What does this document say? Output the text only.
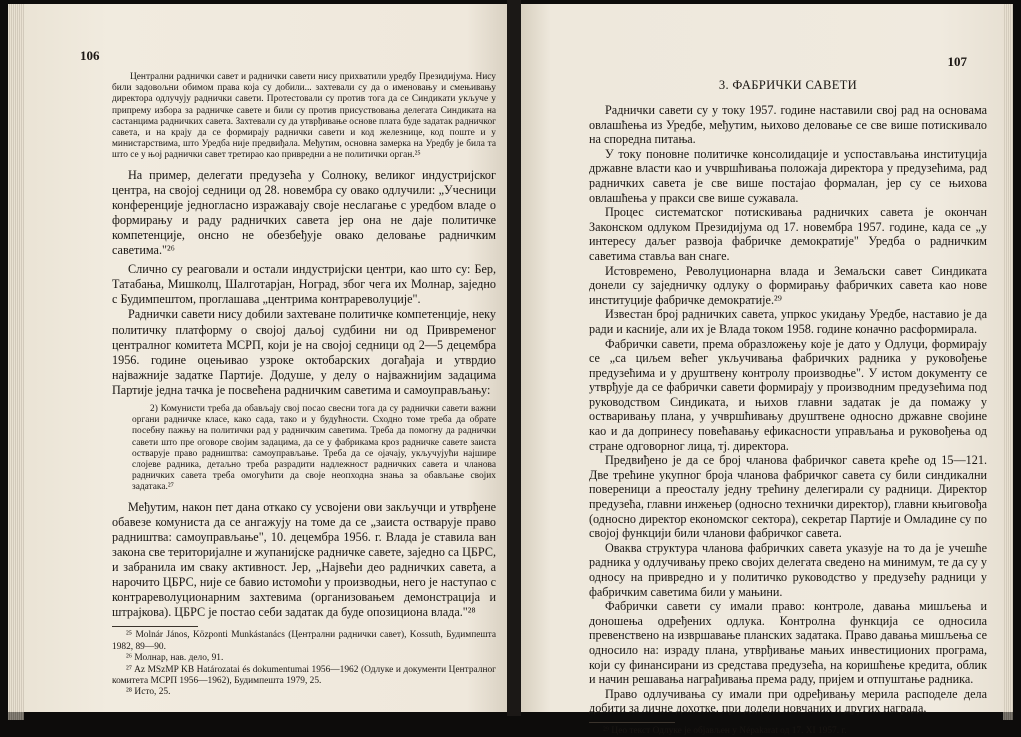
106

Централни раднички савет и раднички савети нису прихватили уредбу Президијума. Нису били задовољни обимом права која су добили... захтевали су да о именовању и смењивању директора одлучују раднички савети. Протестовали су против тога да се Синдикати укључе у припрему избора за радничке савете и били су против присуствовања делегата Синдиката на састанцима радничких савета. Захтевали су да утврђивање основе плата буде задатак радничког савета, и на крају да се формирају раднички савети и код железнице, код поште и у министарствима, што Уредба није предвиђала. Међутим, основна замерка на Уредбу је била та што се у њој раднички савет третирао као привредни а не политички орган.²⁵

На пример, делегати предузећа у Солноку, великог индустријског центра, на својој седници од 28. новембра су овако одлучили: „Учесници конференције једногласно изражавају своје неслагање с уредбом владе о формирању и раду радничких савета јер она не даје политичке компетенције, онсно не обезбеђује овако деловање радничким саветима."²⁶

Слично су реаговали и остали индустријски центри, као што су: Бер, Татабања, Мишколц, Шалготарјан, Ноград, због чега их Молнар, заједно с Будимпештом, проглашава „центрима контрареволуције".

Раднички савети нису добили захтеване политичке компетенције, неку политичку платформу о својој даљој судбини ни од Привременог централног комитета МСРП, који је на својој седници од 2—5 децембра 1956. године оцењивао узроке октобарских догађаја и утврдио најважније задатке Партије. Додуше, у делу о најважнијим задацима Партије једна тачка је посвећена радничким саветима и самоуправљању:

2) Комунисти треба да обављају свој посао свесни тога да су раднички савети важни органи радничке класе, како сада, тако и у будућности. Сходно томе треба да обрате посебну пажњу на политички рад у радничким саветима. Треба да помогну да раднички савети што пре оговоре својим задацима, да се у фабрикама кроз радничке савете заиста остварује право радништва: самоуправљање. Треба да се ојачају, укључујући најшире слојеве радника, детаљно треба разрадити надлежност радничких савета и чланова радничких савета треба омогућити да своје неопходна знања за обављање својих задатака.²⁷

Међутим, након пет дана откако су усвојени ови закључци и утврђене обавезе комуниста да се ангажују на томе да се „заиста остварује право радништва: самоуправљање", 10. децембра 1956. г. Влада је ставила ван закона све територијалне и жупанијске радничке савете, заједно са ЦБРС, и забранила им сваку активност. Јер, „Највећи део радничких савета, а нарочито ЦБРС, није се бавио истомоћи у производњи, него је наступао с контрареволуционарним захтевима (организовањем демонстрација и штрајкова). ЦБРС је постао себи задатак да буде опозициона влада."²⁸

²⁵ Molnár János, Központi Munkástanács (Централни раднички савет), Kossuth, Будимпешта 1982, 89—90.

²⁶ Молнар, нав. дело, 91.

²⁷ Az MSzMP KB Határozatai és dokumentumai 1956—1962 (Одлуке и документи Централног комитета МСРП 1956—1962), Будимпешта 1979, 25.

²⁸ Исто, 25.

107
3. ФАБРИЧКИ САВЕТИ

Раднички савети су у току 1957. године наставили свој рад на основама овлашћења из Уредбе, међутим, њихово деловање се све више потискивало на споредна питања.

У току поновне политичке консолидације и успостављања институција државне власти као и учвршћивања положаја директора у предузећима, рад радничких савета је све више постајао формалан, јер су се њихова овлашћења у пракси све више сужавала.

Процес систематског потискивања радничких савета је окончан Законском одлуком Президијума од 17. новембра 1957. године, када се „у интересу даљег развоја фабричке демократије" Уредба о радничким саветима ставља ван снаге.

Истовремено, Револуционарна влада и Земаљски савет Синдиката донели су заједничку одлуку о формирању фабричких савета као нове институције фабричке демократије.²⁹

Известан број радничких савета, упркос укидању Уредбе, наставио је да ради и касније, али их је Влада током 1958. године коначно расформирала.

Фабрички савети, према образложењу које је дато у Одлуци, формирају се „са циљем већег укључивања фабричких радника у руковођење предузећима и у друштвену контролу производње". У истом документу се утврђује да се фабрички савети формирају у производним предузећима под руководством Синдиката, и њихов главни задатак је да помажу у остваривању плана, у учвршћивању друштвене односно државне својине као и да допринесу повећавању ефикасности управљања и руковођења од стране одговорног лица, тј. директора.

Предвиђено је да се број чланова фабричког савета креће од 15—121. Две трећине укупног броја чланова фабричког савета су били синдикални повереници а преосталу једну трећину делегирали су радници. Директор предузећа, главни инжењер (односно технички директор), главни књиговођа (односно директор економског сектора), секретар Партије и Омладине су по својој функцији били чланови фабричког савета.

Оваква структура чланова фабричких савета указује на то да је учешће радника у одлучивању преко својих делегата сведено на минимум, те да су у односу на привредно и у политичко руководство у предузећу радници у фабричким саветима били у мањини.

Фабрички савети су имали право: контроле, давања мишљења и доношења одређених одлука. Контролна функција се односила превенствено на извршавање планских задатака. Право давања мишљења се односило на: израду плана, утврђивање мањих инвестиционих програма, који су финансирани из средстава предузећа, на коришћење кредита, облик и начин решавања награђивања према раду, пријем и отпуштање радника.

Право одлучивања су имали при одређивању мерила расподеле дела добити за личне дохотке, при додели новчаних и других награда,

²⁹ Цео текст Одлуке је објављен у Népakarat од 17. XI 1957. г.
